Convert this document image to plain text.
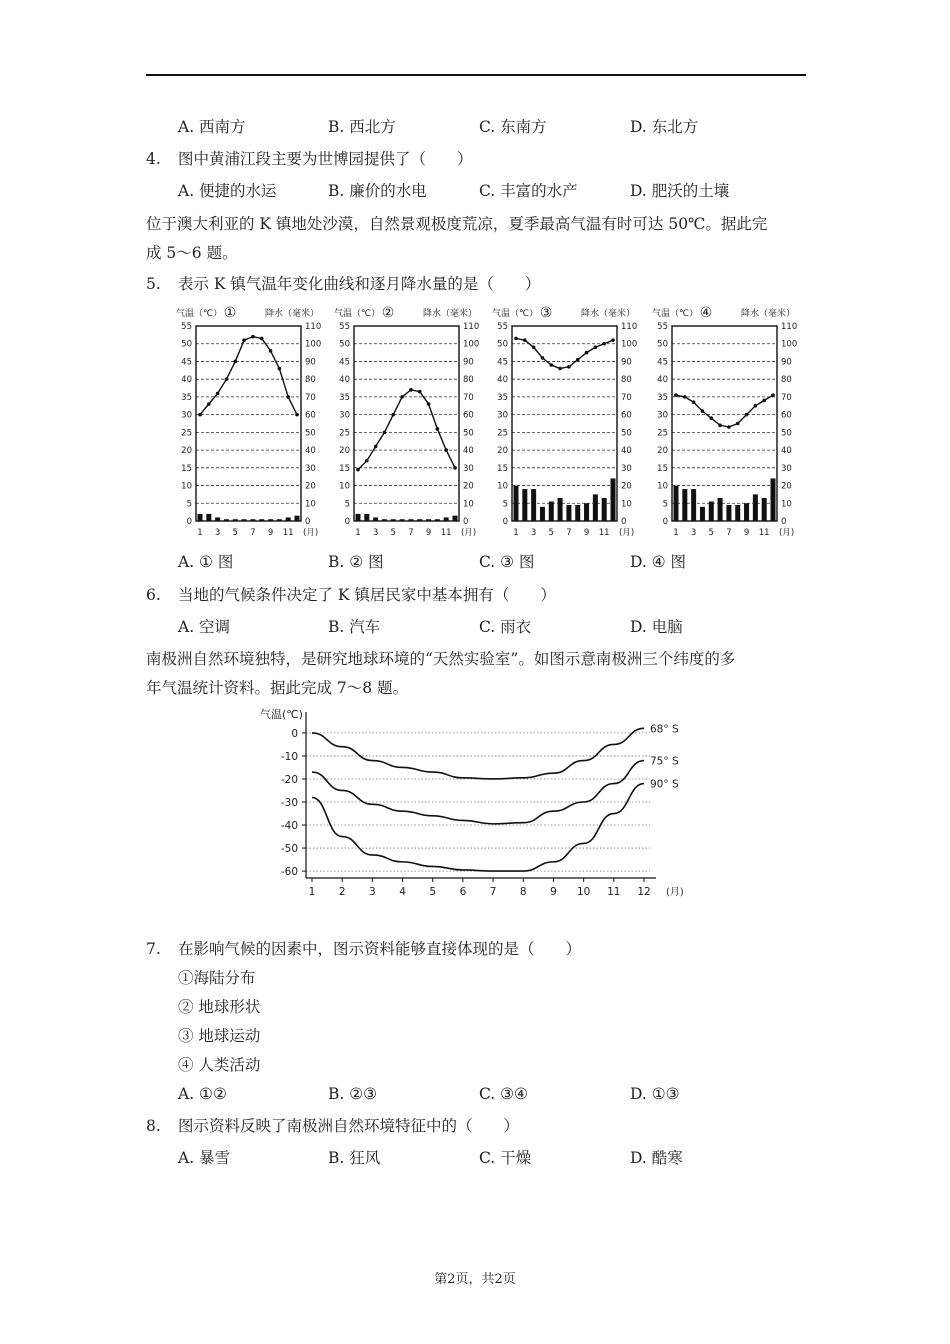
A. 西南方	B. 西北方	C. 东南方	D. 东北方
4. 图中黄浦江段主要为世博园提供了（　　）
A. 便捷的水运	B. 廉价的水电	C. 丰富的水产	D. 肥沃的土壤
位于澳大利亚的 K 镇地处沙漠，自然景观极度荒凉，夏季最高气温有时可达 50℃。据此完
成 5～6 题。
5. 表示 K 镇气温年变化曲线和逐月降水量的是（　　）
气温（℃） ①	降水（毫米）
55
50
45
40
35
30
25
20
15
10
5
0
110
100
90
80
70
60
50
40
30
20
10
0
1 3 5 7 9 11 (月)
气温（℃） ②	降水（毫米）
55
50
45
40
35
30
25
20
15
10
5
0
110
100
90
80
70
60
50
40
30
20
10
0
1 3 5 7 9 11 (月)
气温（℃） ③	降水（毫米）
55
50
45
40
35
30
25
20
15
10
5
0
110
100
90
80
70
60
50
40
30
20
10
0
1 3 5 7 9 11 (月)
气温（℃） ④	降水（毫米）
55
50
45
40
35
30
25
20
15
10
5
0
110
100
90
80
70
60
50
40
30
20
10
0
1 3 5 7 9 11 (月)
A. ① 图	B. ② 图	C. ③ 图	D. ④ 图
6. 当地的气候条件决定了 K 镇居民家中基本拥有（　　）
A. 空调	B. 汽车	C. 雨衣	D. 电脑
南极洲自然环境独特，是研究地球环境的“天然实验室”。如图示意南极洲三个纬度的多
年气温统计资料。据此完成 7～8 题。
气温(℃)
0
-10
-20
-30
-40
-50
-60
1 2 3 4 5 6 7 8 9 10 11 12 (月)
68° S
75° S
90° S
7. 在影响气候的因素中，图示资料能够直接体现的是（　　）
①海陆分布
② 地球形状
③ 地球运动
④ 人类活动
A. ①②	B. ②③	C. ③④	D. ①③
8. 图示资料反映了南极洲自然环境特征中的（　　）
A. 暴雪	B. 狂风	C. 干燥	D. 酷寒
第2页，共2页
